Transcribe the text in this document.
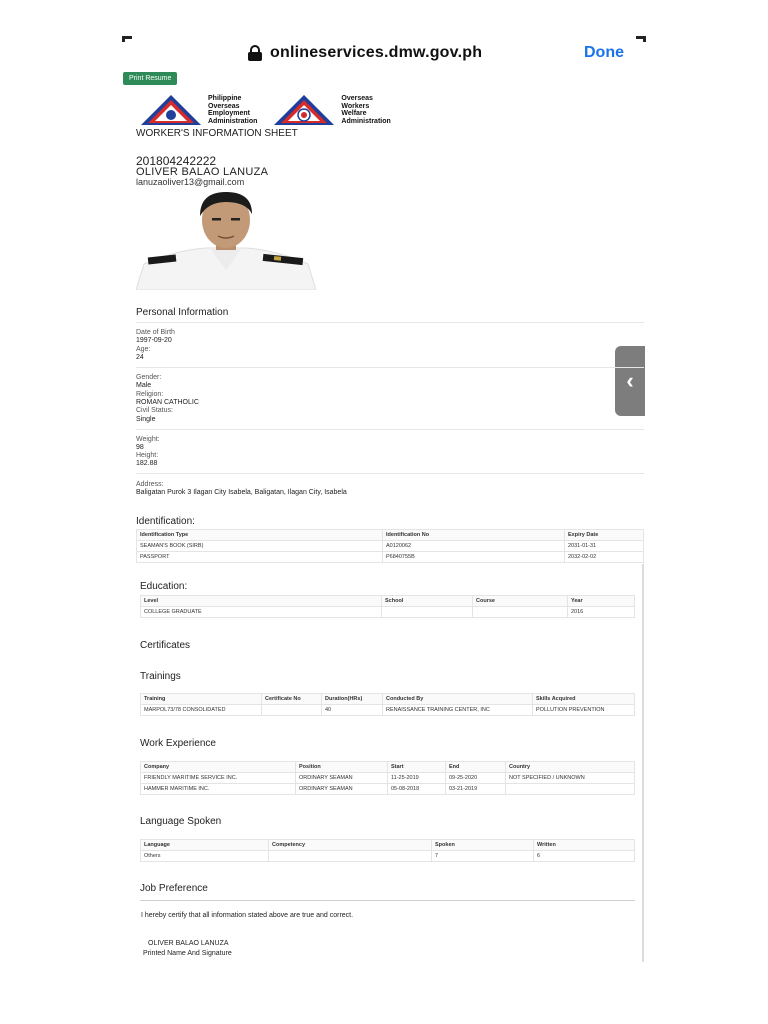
onlineservices.dmw.gov.ph	Done
Print Resume
Philippine
Overseas
Employment
Administration
Overseas
Workers
Welfare
Administration
WORKER'S INFORMATION SHEET
201804242222
OLIVER BALAO LANUZA
lanuzaoliver13@gmail.com
‹
Personal Information
Date of Birth
1997-09-20
Age:
24
Gender:
Male
Religion:
ROMAN CATHOLIC
Civil Status:
Single
Weight:
98
Height:
182.88
Address:
Baligatan Purok 3 Ilagan City Isabela, Baligatan, Ilagan City, Isabela
Identification:
Identification Type	Identification No	Expiry Date
SEAMAN'S BOOK (SIRB)	A0120062	2031-01-31
PASSPORT	P6840755B	2032-02-02
Education:
Level	School	Course	Year
COLLEGE GRADUATE			2016
Certificates
Trainings
Training	Certificate No	Duration(HRs)	Conducted By	Skills Acquired
MARPOL73/78 CONSOLIDATED		40	RENAISSANCE TRAINING CENTER, INC	POLLUTION PREVENTION
Work Experience
Company	Position	Start	End	Country
FRIENDLY MARITIME SERVICE INC.	ORDINARY SEAMAN	11-25-2019	09-25-2020	NOT SPECIFIED / UNKNOWN
HAMMER MARITIME INC.	ORDINARY SEAMAN	05-08-2018	03-21-2019	
Language Spoken
Language	Competency	Spoken	Written
Others		7	6
Job Preference
I hereby certify that all information stated above are true and correct.
OLIVER BALAO LANUZA
Printed Name And Signature
